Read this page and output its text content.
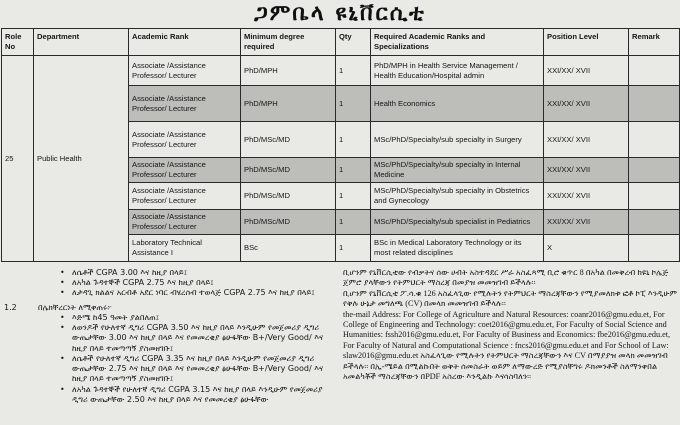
ጋምቤላ ዩኒቨርሲቲ
Role No	Department	Academic Rank	Minimum degree required	Qty	Required Academic Ranks and Specializations	Position Level	Remark
25	Public Health	Associate /Assistance Professor/ Lecturer	PhD/MPH	1	PhD/MPH in Health Service Management / Health Education/Hospital admin	XXI/XX/ XVII	
		Associate /Assistance Professor/ Lecturer	PhD/MPH	1	Health Economics	XXI/XX/ XVII	
		Associate /Assistance Professor/ Lecturer	PhD/MSc/MD	1	MSc/PhD/Specialty/sub specialty in Surgery	XXI/XX/ XVII	
		Associate /Assistance Professor/ Lecturer	PhD/MSc/MD	1	MSc/PhD/Specialty/sub specialty in Internal Medicine	XXI/XX/ XVII	
		Associate /Assistance Professor/ Lecturer	PhD/MSc/MD	1	MSc/PhD/Specialty/sub specialty in Obstetrics and Gynecology	XXI/XX/ XVII	
		Associate /Assistance Professor/ Lecturer	PhD/MSc/MD	1	MSc/PhD/Specialty/sub specialist in Pediatrics	XXI/XX/ XVII	
		Laboratory Technical Assistance I	BSc	1	BSc in Medical Laboratory Technology or its most related disciplines	X	
• ለሴቶች CGPA 3.00 እና ከዚያ በላይ፤
• ለአካል ጉዳተኞች CGPA 2.75 እና ከዚያ በላይ፤
• ለታዳጊ ክልልና አርብቶ አደር ነባር ብሄረሰብ ተወላጅ CGPA 2.75 እና ከዚያ በላይ፤
1.2	በሌክቸረርነት ለሚቀጠሩ፦
• እድሜ ከ45 ዓመት ያልበለጠ፤
• ለወንዶች የሁለተኛ ዲግሪ CGPA 3.50 እና ከዚያ በላይ እንዲሁም የመጀመሪያ ዲግሪ ውጤታቸው 3.00 እና ከዚያ በላይ እና የመመረቂያ ፅሁፋቸው B+/Very Good/ እና ከዚያ በላይ ተመጣጣኝ ያስመዘገቡ፤
• ለሴቶች የሁለተኛ ዲግሪ CGPA 3.35 እና ከዚያ በላይ እንዲሁም የመጀመሪያ ዲግሪ ውጤታቸው 2.75 እና ከዚያ በላይ እና የመመረቂያ ፅሁፋቸው B+/Very Good/ እና ከዚያ በላይ ተመጣጣኝ ያስመዘገቡ፤
• ለአካል ጉዳተኞች የሁለተኛ ዲግሪ CGPA 3.15 እና ከዚያ በላይ እንዲሁም የመጀመሪያ ዲግሪ ውጤታቸው 2.50 እና ከዚያ በላይ እና የመመረቂያ ፅሁፋቸው

ቢሆንም የኒቨርሲቲው የብቃትና ሰው ሀብት አስተዳደር ሥራ አስፈጻሚ ቢሮ ቁጥር 8 በአካል በመቅረብ ከዩኒ ኮሌጅ ጀምሮ ያላቸውን የትምህርት ማስረጃ በመያዝ መመዝገብ ይችላሉ፡፡

ቢሆንም የኒቨርሲቲ ፖ.ሳ.ቁ 126 አስፈላጊው የሚሉትን የትምህርት ማስረጃቸውን የሚያመለክቱ ፎቶ ኮፒ እንዲሁም የቅሉ ሁኔታ መግለጫ (CV) በመላክ መመዝገብ ይችላሉ፡፡

the-mail Address: For College of Agriculture and Natural Resources: coanr2016@gmu.edu.et, For College of Engineering and Technology: coet2016@gmu.edu.et, For Faculty of Social Science and Humanities: fssh2016@gmu.edu.et, For Faculty of Business and Economics: fbe2016@gmu.edu.et, For Faculty of Natural and Computational Science : fncs2016@gmu.edu.et and For School of Law: slaw2016@gmu.edu.et አስፈላጊው የሚሉትን የትምህርት ማስረጃቸውን እና CV በማያያዝ መላክ መመዝገብ ይችላሉ፡፡ በኢ-ሜይል በሚልኩበት ወቅት ሰመስራት ወይም ለማውረድ የሚያስቸግሩ ዶክመንቶች ስለማንቀበል አመልካቾች ማስረጃቸውን በPDF አስረው እንዲልኩ እናሳስባለን፡፡
